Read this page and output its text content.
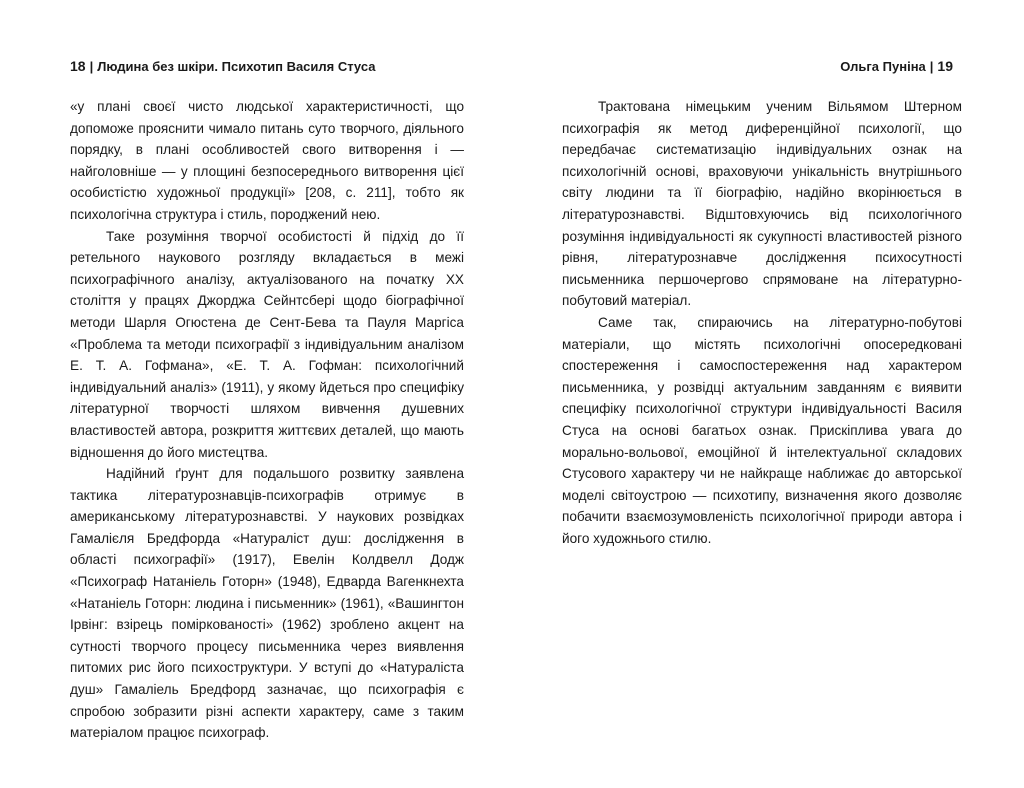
18 | Людина без шкіри. Психотип Василя Стуса

«у плані своєї чисто людської характеристичності, що допоможе прояснити чимало питань суто творчого, діяльного порядку, в плані особливостей свого витворення і — найголовніше — у площині безпосереднього витворення цієї особистістю художньої продукції» [208, с. 211], тобто як психологічна структура і стиль, породжений нею.

Таке розуміння творчої особистості й підхід до її ретельного наукового розгляду вкладається в межі психографічного аналізу, актуалізованого на початку ХХ століття у працях Джорджа Сейнтсбері щодо біографічної методи Шарля Огюстена де Сент-Бева та Пауля Маргіса «Проблема та методи психографії з індивідуальним аналізом Е. Т. А. Гофмана», «Е. Т. А. Гофман: психологічний індивідуальний аналіз» (1911), у якому йдеться про специфіку літературної творчості шляхом вивчення душевних властивостей автора, розкриття життєвих деталей, що мають відношення до його мистецтва.

Надійний ґрунт для подальшого розвитку заявлена тактика літературознавців-психографів отримує в американському літературознавстві. У наукових розвідках Гамалієля Бредфорда «Натураліст душ: дослідження в області психографії» (1917), Евелін Колдвелл Додж «Психограф Натаніель Готорн» (1948), Едварда Вагенкнехта «Натаніель Готорн: людина і письменник» (1961), «Вашингтон Ірвінг: взірець поміркованості» (1962) зроблено акцент на сутності творчого процесу письменника через виявлення питомих рис його психоструктури. У вступі до «Натураліста душ» Гамаліель Бредфорд зазначає, що психографія є спробою зобразити різні аспекти характеру, саме з таким матеріалом працює психограф.

Ольга Пуніна | 19

Трактована німецьким ученим Вільямом Штерном психографія як метод диференційної психології, що передбачає систематизацію індивідуальних ознак на психологічній основі, враховуючи унікальність внутрішнього світу людини та її біографію, надійно вкорінюється в літературознавстві. Відштовхуючись від психологічного розуміння індивідуальності як сукупності властивостей різного рівня, літературознавче дослідження психосутності письменника першочергово спрямоване на літературно-побутовий матеріал.

Саме так, спираючись на літературно-побутові матеріали, що містять психологічні опосередковані спостереження і самоспостереження над характером письменника, у розвідці актуальним завданням є виявити специфіку психологічної структури індивідуальності Василя Стуса на основі багатьох ознак. Прискіплива увага до морально-вольової, емоційної й інтелектуальної складових Стусового характеру чи не найкраще наближає до авторської моделі світоустрою — психотипу, визначення якого дозволяє побачити взаємозумовленість психологічної природи автора і його художнього стилю.
